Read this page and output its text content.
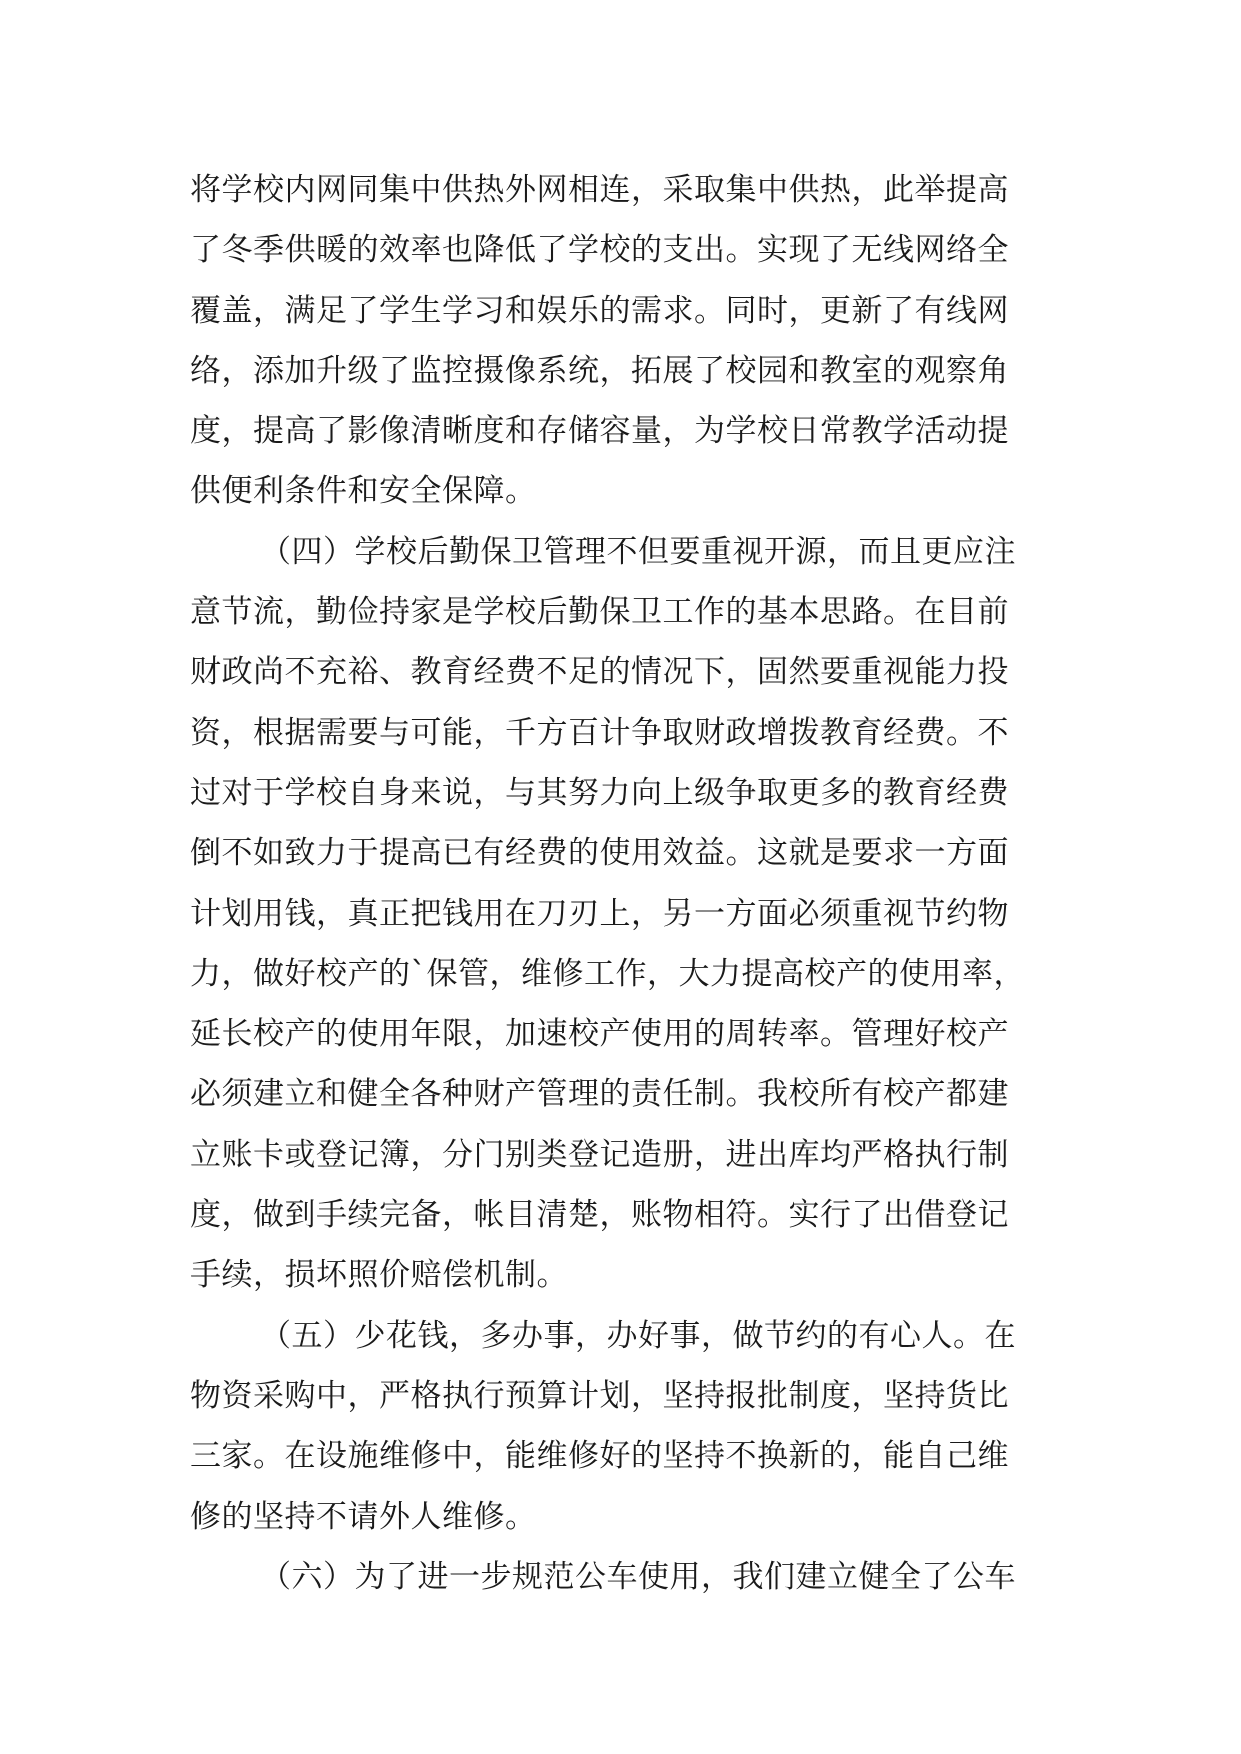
将学校内网同集中供热外网相连，采取集中供热，此举提高
了冬季供暖的效率也降低了学校的支出。实现了无线网络全
覆盖，满足了学生学习和娱乐的需求。同时，更新了有线网
络，添加升级了监控摄像系统，拓展了校园和教室的观察角
度，提高了影像清晰度和存储容量，为学校日常教学活动提
供便利条件和安全保障。
（四）学校后勤保卫管理不但要重视开源，而且更应注
意节流，勤俭持家是学校后勤保卫工作的基本思路。在目前
财政尚不充裕、教育经费不足的情况下，固然要重视能力投
资，根据需要与可能，千方百计争取财政增拨教育经费。不
过对于学校自身来说，与其努力向上级争取更多的教育经费
倒不如致力于提高已有经费的使用效益。这就是要求一方面
计划用钱，真正把钱用在刀刃上，另一方面必须重视节约物
力，做好校产的`保管，维修工作，大力提高校产的使用率，
延长校产的使用年限，加速校产使用的周转率。管理好校产
必须建立和健全各种财产管理的责任制。我校所有校产都建
立账卡或登记簿，分门别类登记造册，进出库均严格执行制
度，做到手续完备，帐目清楚，账物相符。实行了出借登记
手续，损坏照价赔偿机制。
（五）少花钱，多办事，办好事，做节约的有心人。在
物资采购中，严格执行预算计划，坚持报批制度，坚持货比
三家。在设施维修中，能维修好的坚持不换新的，能自己维
修的坚持不请外人维修。
（六）为了进一步规范公车使用，我们建立健全了公车
